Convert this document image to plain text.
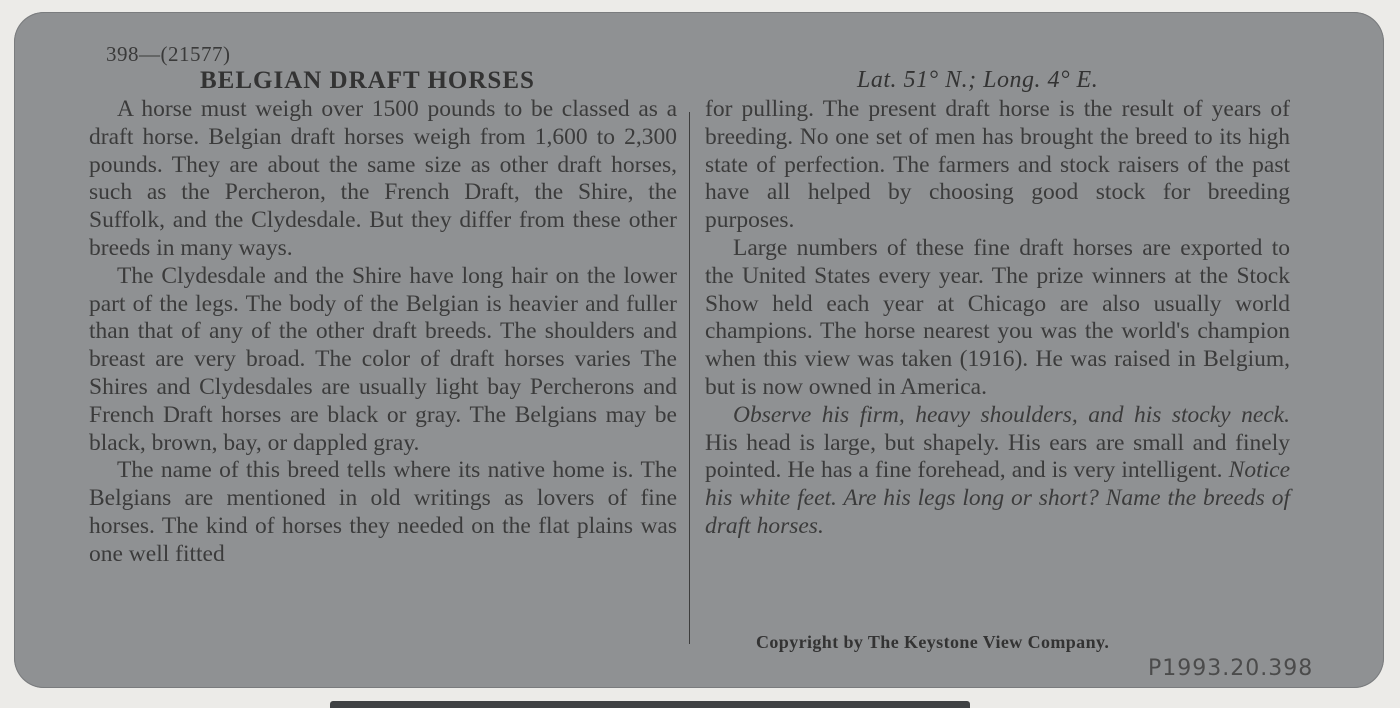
398—(21577)
BELGIAN DRAFT HORSES	Lat. 51° N.; Long. 4° E.

A horse must weigh over 1500 pounds to be classed as a draft horse. Belgian draft horses weigh from 1,600 to 2,300 pounds. They are about the same size as other draft horses, such as the Percheron, the French Draft, the Shire, the Suffolk, and the Clydesdale. But they differ from these other breeds in many ways.

The Clydesdale and the Shire have long hair on the lower part of the legs. The body of the Belgian is heavier and fuller than that of any of the other draft breeds. The shoulders and breast are very broad. The color of draft horses varies The Shires and Clydesdales are usually light bay Percherons and French Draft horses are black or gray. The Belgians may be black, brown, bay, or dappled gray.

The name of this breed tells where its native home is. The Belgians are mentioned in old writings as lovers of fine horses. The kind of horses they needed on the flat plains was one well fitted

for pulling. The present draft horse is the result of years of breeding. No one set of men has brought the breed to its high state of perfection. The farmers and stock raisers of the past have all helped by choosing good stock for breeding purposes.

Large numbers of these fine draft horses are exported to the United States every year. The prize winners at the Stock Show held each year at Chicago are also usually world champions. The horse nearest you was the world's champion when this view was taken (1916). He was raised in Belgium, but is now owned in America.

Observe his firm, heavy shoulders, and his stocky neck. His head is large, but shapely. His ears are small and finely pointed. He has a fine forehead, and is very intelligent. Notice his white feet. Are his legs long or short? Name the breeds of draft horses.

Copyright by The Keystone View Company.
P1993.20.398
